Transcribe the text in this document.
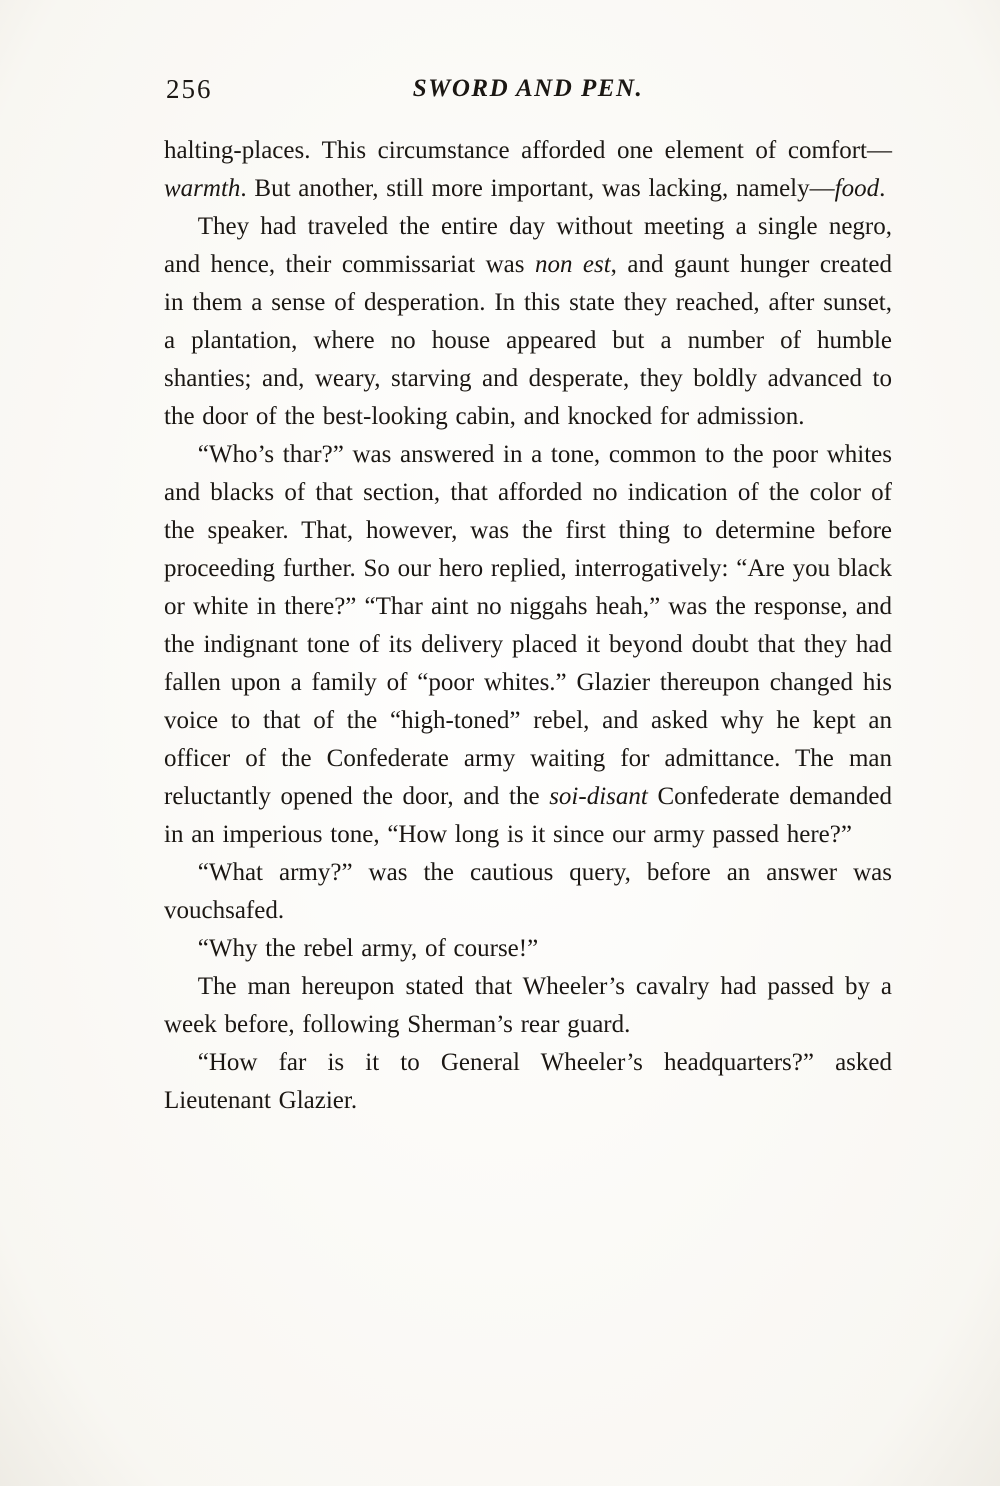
256	SWORD AND PEN.

halting-places. This circumstance afforded one element of comfort—warmth. But another, still more important, was lacking, namely—food.

They had traveled the entire day without meeting a single negro, and hence, their commissariat was non est, and gaunt hunger created in them a sense of desperation. In this state they reached, after sunset, a plantation, where no house appeared but a number of humble shanties; and, weary, starving and desperate, they boldly advanced to the door of the best-looking cabin, and knocked for admission.

“Who’s thar?” was answered in a tone, common to the poor whites and blacks of that section, that afforded no indication of the color of the speaker. That, however, was the first thing to determine before proceeding further. So our hero replied, interrogatively: “Are you black or white in there?” “Thar aint no niggahs heah,” was the response, and the indignant tone of its delivery placed it beyond doubt that they had fallen upon a family of “poor whites.” Glazier thereupon changed his voice to that of the “high-toned” rebel, and asked why he kept an officer of the Confederate army waiting for admittance. The man reluctantly opened the door, and the soi-disant Confederate demanded in an imperious tone, “How long is it since our army passed here?”

“What army?” was the cautious query, before an answer was vouchsafed.

“Why the rebel army, of course!”

The man hereupon stated that Wheeler’s cavalry had passed by a week before, following Sherman’s rear guard.

“How far is it to General Wheeler’s headquarters?” asked Lieutenant Glazier.
